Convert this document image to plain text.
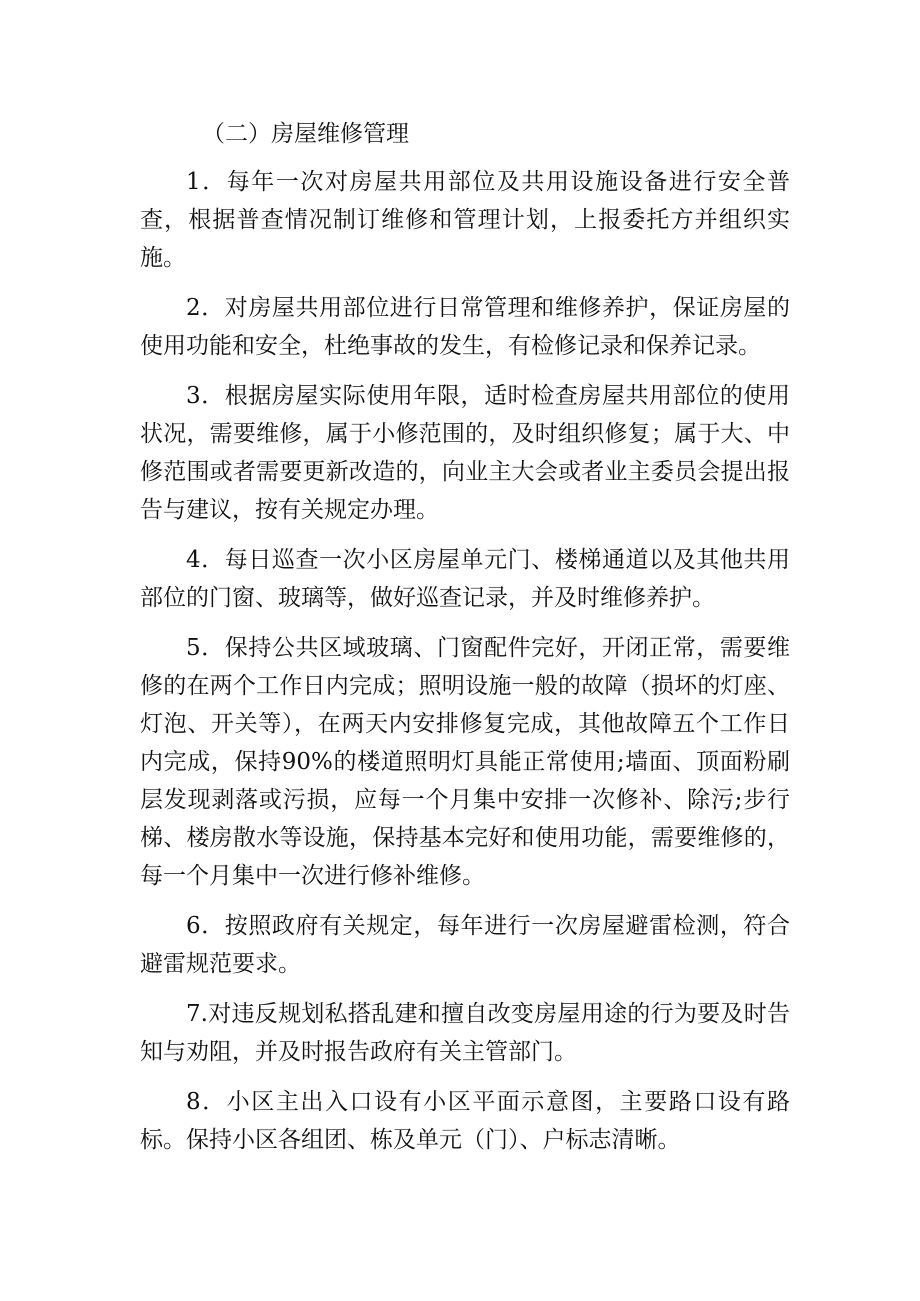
（二）房屋维修管理

1．每年一次对房屋共用部位及共用设施设备进行安全普查，根据普查情况制订维修和管理计划，上报委托方并组织实施。

2．对房屋共用部位进行日常管理和维修养护，保证房屋的使用功能和安全，杜绝事故的发生，有检修记录和保养记录。

3．根据房屋实际使用年限，适时检查房屋共用部位的使用状况，需要维修，属于小修范围的，及时组织修复；属于大、中修范围或者需要更新改造的，向业主大会或者业主委员会提出报告与建议，按有关规定办理。

4．每日巡查一次小区房屋单元门、楼梯通道以及其他共用部位的门窗、玻璃等，做好巡查记录，并及时维修养护。

5．保持公共区域玻璃、门窗配件完好，开闭正常，需要维修的在两个工作日内完成；照明设施一般的故障（损坏的灯座、灯泡、开关等），在两天内安排修复完成，其他故障五个工作日内完成，保持90%的楼道照明灯具能正常使用;墙面、顶面粉刷层发现剥落或污损，应每一个月集中安排一次修补、除污;步行梯、楼房散水等设施，保持基本完好和使用功能，需要维修的，每一个月集中一次进行修补维修。

6．按照政府有关规定，每年进行一次房屋避雷检测，符合避雷规范要求。

7.对违反规划私搭乱建和擅自改变房屋用途的行为要及时告知与劝阻，并及时报告政府有关主管部门。

8．小区主出入口设有小区平面示意图，主要路口设有路标。保持小区各组团、栋及单元（门）、户标志清晰。
